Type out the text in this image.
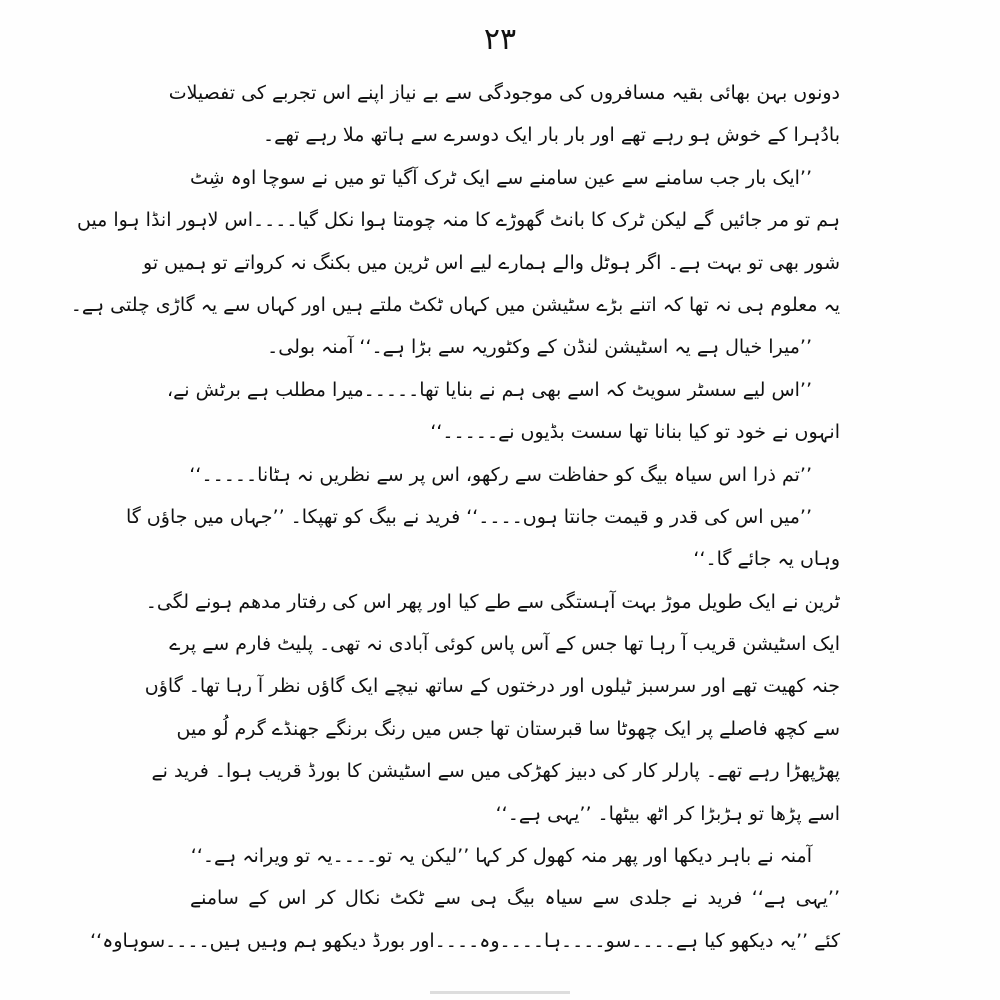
۲۳
دونوں بہن بھائی بقیہ مسافروں کی موجودگی سے بے نیاز اپنے اس تجربے کی تفصیلات
بادُہرا کے خوش ہو رہے تھے اور بار بار ایک دوسرے سے ہاتھ ملا رہے تھے۔
’’ایک بار جب سامنے سے عین سامنے سے ایک ٹرک آگیا تو میں نے سوچا اوہ شِٹ
ہم تو مر جائیں گے لیکن ٹرک کا بانٹ گھوڑے کا منہ چومتا ہوا نکل گیا۔۔۔۔اس لاہور انڈا ہوا میں
شور بھی تو بہت ہے۔ اگر ہوٹل والے ہمارے لیے اس ٹرین میں بکنگ نہ کرواتے تو ہمیں تو
یہ معلوم ہی نہ تھا کہ اتنے بڑے سٹیشن میں کہاں ٹکٹ ملتے ہیں اور کہاں سے یہ گاڑی چلتی ہے۔
’’میرا خیال ہے یہ اسٹیشن لنڈن کے وکٹوریہ سے بڑا ہے۔‘‘ آمنہ بولی۔
’’اس لیے سسٹر سویٹ کہ اسے بھی ہم نے بنایا تھا۔۔۔۔۔میرا مطلب ہے برٹش نے،
انہوں نے خود تو کیا بنانا تھا سست بڈیوں نے۔۔۔۔۔‘‘
’’تم ذرا اس سیاہ بیگ کو حفاظت سے رکھو، اس پر سے نظریں نہ ہٹانا۔۔۔۔۔‘‘
’’میں اس کی قدر و قیمت جانتا ہوں۔۔۔۔‘‘ فرید نے بیگ کو تھپکا۔ ’’جہاں میں جاؤں گا
وہاں یہ جائے گا۔‘‘
ٹرین نے ایک طویل موڑ بہت آہستگی سے طے کیا اور پھر اس کی رفتار مدھم ہونے لگی۔
ایک اسٹیشن قریب آ رہا تھا جس کے آس پاس کوئی آبادی نہ تھی۔ پلیٹ فارم سے پرے
جنہ کھیت تھے اور سرسبز ٹیلوں اور درختوں کے ساتھ نیچے ایک گاؤں نظر آ رہا تھا۔ گاؤں
سے کچھ فاصلے پر ایک چھوٹا سا قبرستان تھا جس میں رنگ برنگے جھنڈے گرم لُو میں
پھڑپھڑا رہے تھے۔ پارلر کار کی دبیز کھڑکی میں سے اسٹیشن کا بورڈ قریب ہوا۔ فرید نے
اسے پڑھا تو ہڑبڑا کر اٹھ بیٹھا۔ ’’یہی ہے۔‘‘
آمنہ نے باہر دیکھا اور پھر منہ کھول کر کہا ’’لیکن یہ تو۔۔۔۔یہ تو ویرانہ ہے۔‘‘
’’یہی ہے‘‘ فرید نے جلدی سے سیاہ بیگ ہی سے ٹکٹ نکال کر اس کے سامنے
کئے ’’یہ دیکھو کیا ہے۔۔۔۔سو۔۔۔۔ہا۔۔۔۔وہ۔۔۔۔اور بورڈ دیکھو ہم وہیں ہیں۔۔۔۔سوہاوہ‘‘
